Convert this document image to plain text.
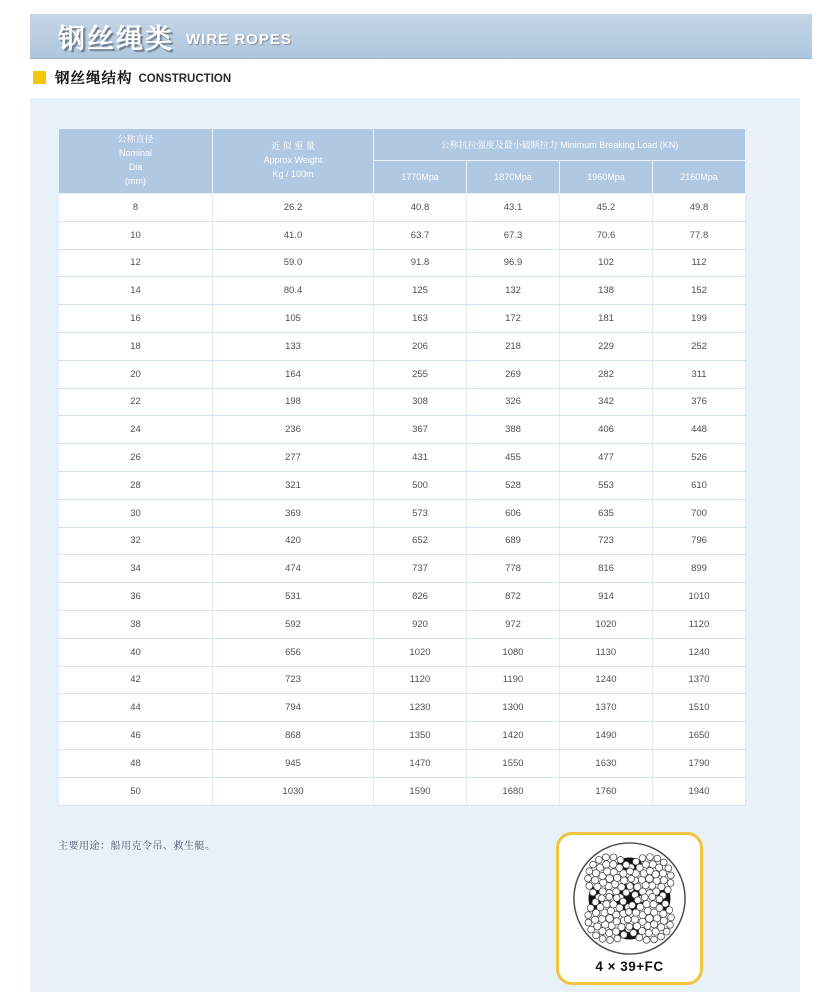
钢丝绳类 WIRE ROPES
钢丝绳结构 CONSTRUCTION
公称直径
Nominal
Dia
(mm)

近 似 重 量
Approx Weight
Kg / 100m
	公称抗拉强度及最小破断拉力 Minimum Breaking Load (KN)
		1770Mpa	1870Mpa	1960Mpa	2160Mpa
8	26.2	40.8	43.1	45.2	49.8
10	41.0	63.7	67.3	70.6	77.8
12	59.0	91.8	96.9	102	112
14	80.4	125	132	138	152
16	105	163	172	181	199
18	133	206	218	229	252
20	164	255	269	282	311
22	198	308	326	342	376
24	236	367	388	406	448
26	277	431	455	477	526
28	321	500	528	553	610
30	369	573	606	635	700
32	420	652	689	723	796
34	474	737	778	816	899
36	531	826	872	914	1010
38	592	920	972	1020	1120
40	656	1020	1080	1130	1240
42	723	1120	1190	1240	1370
44	794	1230	1300	1370	1510
46	868	1350	1420	1490	1650
48	945	1470	1550	1630	1790
50	1030	1590	1680	1760	1940
主要用途：船用克令吊、救生艇。
4 × 39+FC
